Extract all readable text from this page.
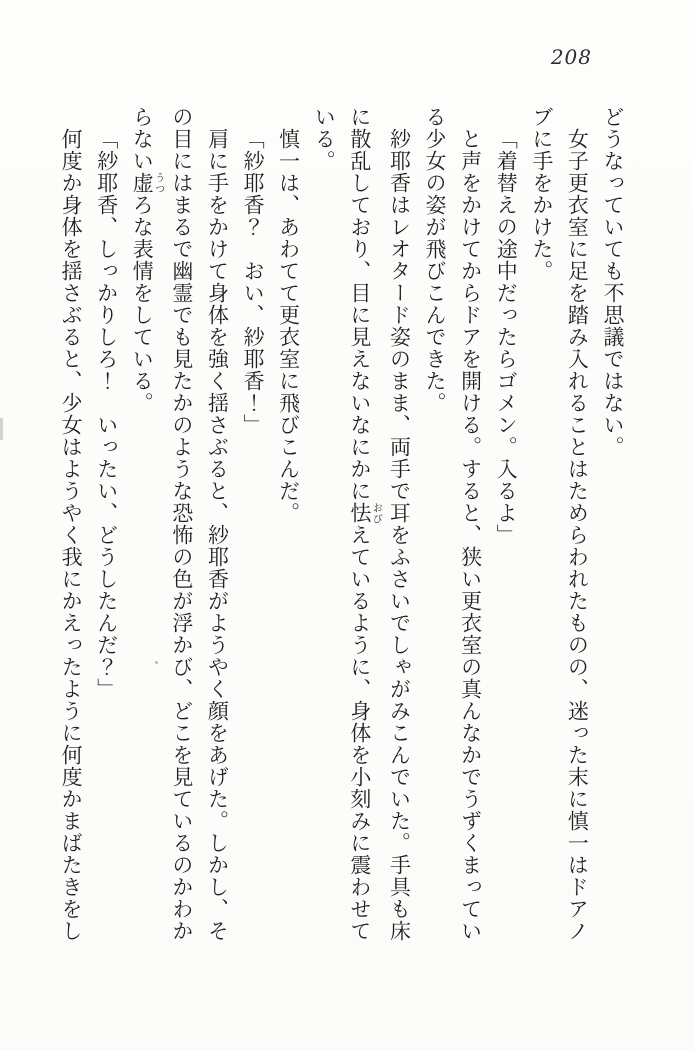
208

どうなっていても不思議ではない。

女子更衣室に足を踏み入れることはためらわれたものの、迷った末に慎一はドアノ

ブに手をかけた。

「着替えの途中だったらゴメン。入るよ」

と声をかけてからドアを開ける。すると、狭い更衣室の真んなかでうずくまってい

る少女の姿が飛びこんできた。

紗耶香はレオタード姿のまま、両手で耳をふさいでしゃがみこんでいた。手具も床

に散乱しており、目に見えないなにかに怯おびえているように、身体を小刻みに震わせて

いる。

慎一は、あわてて更衣室に飛びこんだ。

「紗耶香？　おい、紗耶香！」

肩に手をかけて身体を強く揺さぶると、紗耶香がようやく顔をあげた。しかし、そ

の目にはまるで幽霊でも見たかのような恐怖の色が浮かび、どこを見ているのかわか

らない虚うつろな表情をしている。

「紗耶香、しっかりしろ！　いったい、どうしたんだ？」

何度か身体を揺さぶると、少女はようやく我にかえったように何度かまばたきをし
